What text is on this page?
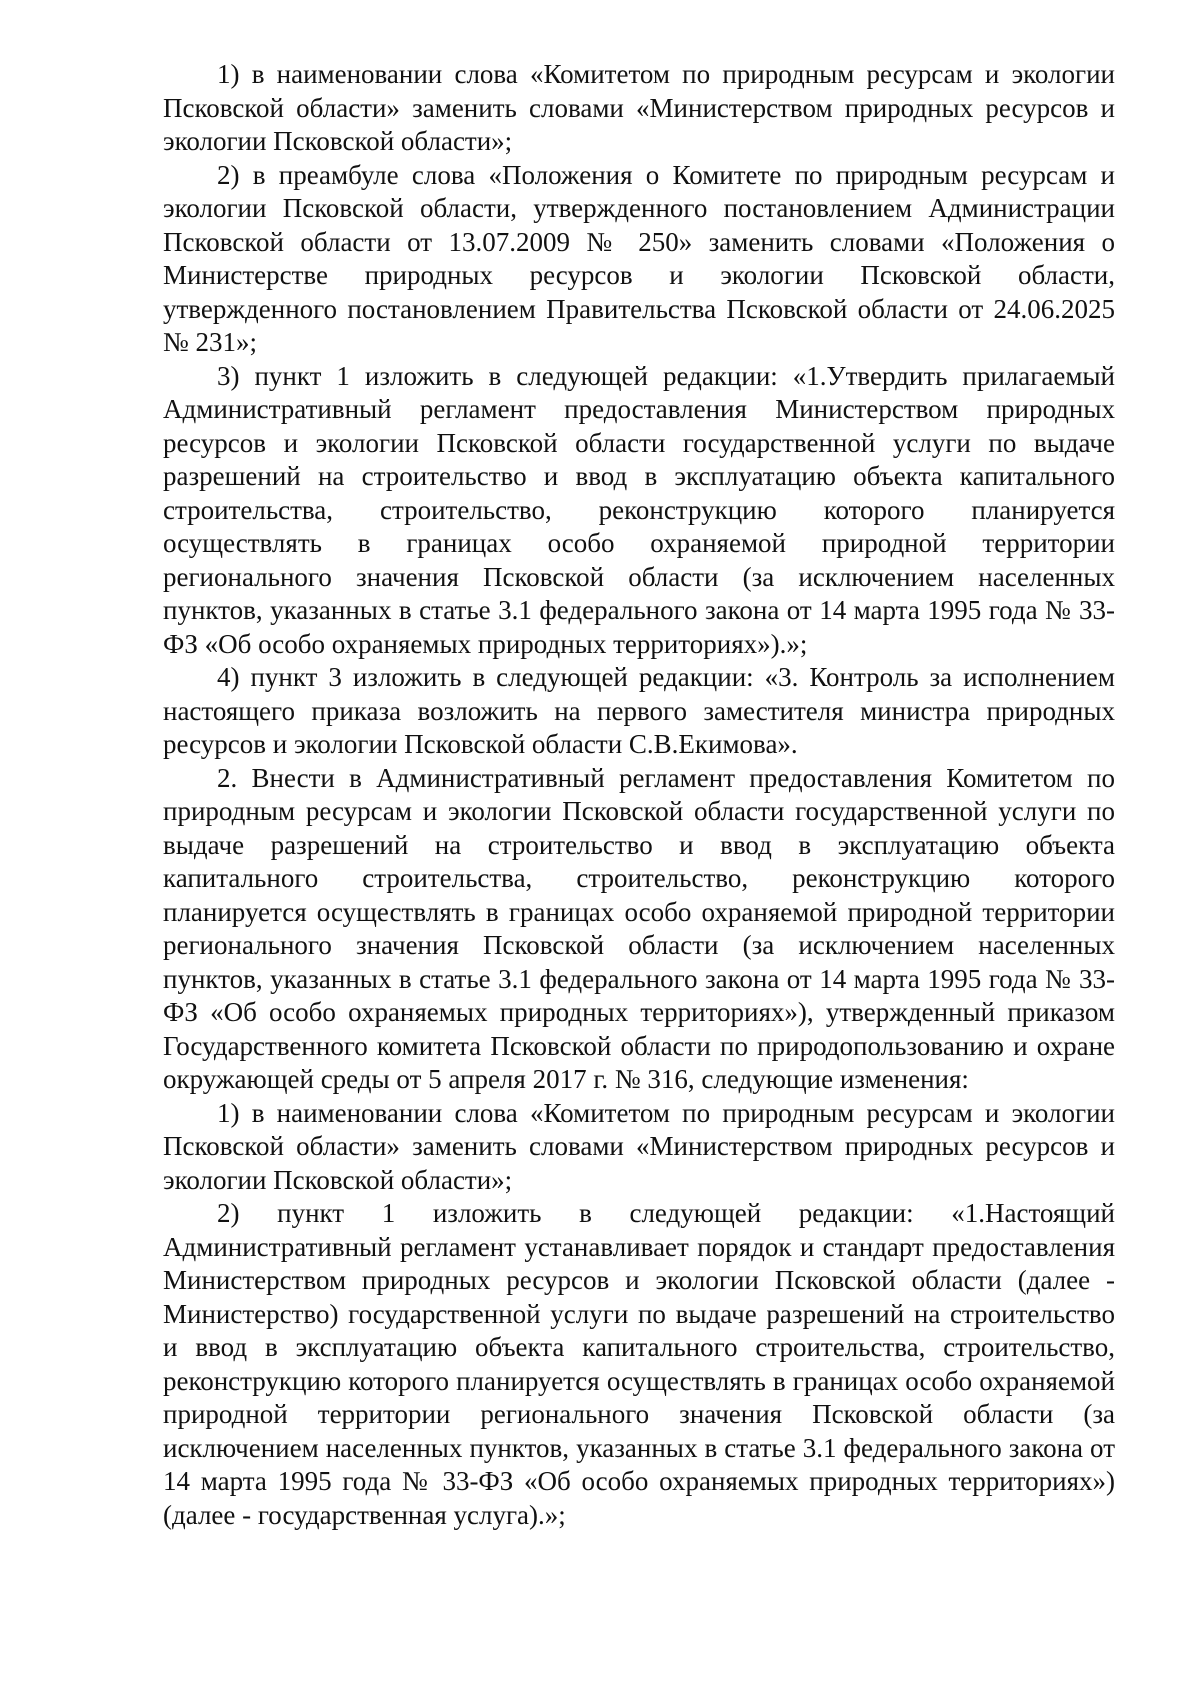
1) в наименовании слова «Комитетом по природным ресурсам и экологии Псковской области» заменить словами «Министерством природных ресурсов и экологии Псковской области»;

2) в преамбуле слова «Положения о Комитете по природным ресурсам и экологии Псковской области, утвержденного постановлением Администрации Псковской области от 13.07.2009 № 250» заменить словами «Положения о Министерстве природных ресурсов и экологии Псковской области, утвержденного постановлением Правительства Псковской области от 24.06.2025 № 231»;

3) пункт 1 изложить в следующей редакции: «1.Утвердить прилагаемый Административный регламент предоставления Министерством природных ресурсов и экологии Псковской области государственной услуги по выдаче разрешений на строительство и ввод в эксплуатацию объекта капитального строительства, строительство, реконструкцию которого планируется осуществлять в границах особо охраняемой природной территории регионального значения Псковской области (за исключением населенных пунктов, указанных в статье 3.1 федерального закона от 14 марта 1995 года № 33-ФЗ «Об особо охраняемых природных территориях»).»;

4) пункт 3 изложить в следующей редакции: «3. Контроль за исполнением настоящего приказа возложить на первого заместителя министра природных ресурсов и экологии Псковской области С.В.Екимова».

2. Внести в Административный регламент предоставления Комитетом по природным ресурсам и экологии Псковской области государственной услуги по выдаче разрешений на строительство и ввод в эксплуатацию объекта капитального строительства, строительство, реконструкцию которого планируется осуществлять в границах особо охраняемой природной территории регионального значения Псковской области (за исключением населенных пунктов, указанных в статье 3.1 федерального закона от 14 марта 1995 года № 33-ФЗ «Об особо охраняемых природных территориях»), утвержденный приказом Государственного комитета Псковской области по природопользованию и охране окружающей среды от 5 апреля 2017 г. № 316, следующие изменения:

1) в наименовании слова «Комитетом по природным ресурсам и экологии Псковской области» заменить словами «Министерством природных ресурсов и экологии Псковской области»;

2) пункт 1 изложить в следующей редакции: «1.Настоящий Административный регламент устанавливает порядок и стандарт предоставления Министерством природных ресурсов и экологии Псковской области (далее - Министерство) государственной услуги по выдаче разрешений на строительство и ввод в эксплуатацию объекта капитального строительства, строительство, реконструкцию которого планируется осуществлять в границах особо охраняемой природной территории регионального значения Псковской области (за исключением населенных пунктов, указанных в статье 3.1 федерального закона от 14 марта 1995 года № 33-ФЗ «Об особо охраняемых природных территориях») (далее - государственная услуга).»;
